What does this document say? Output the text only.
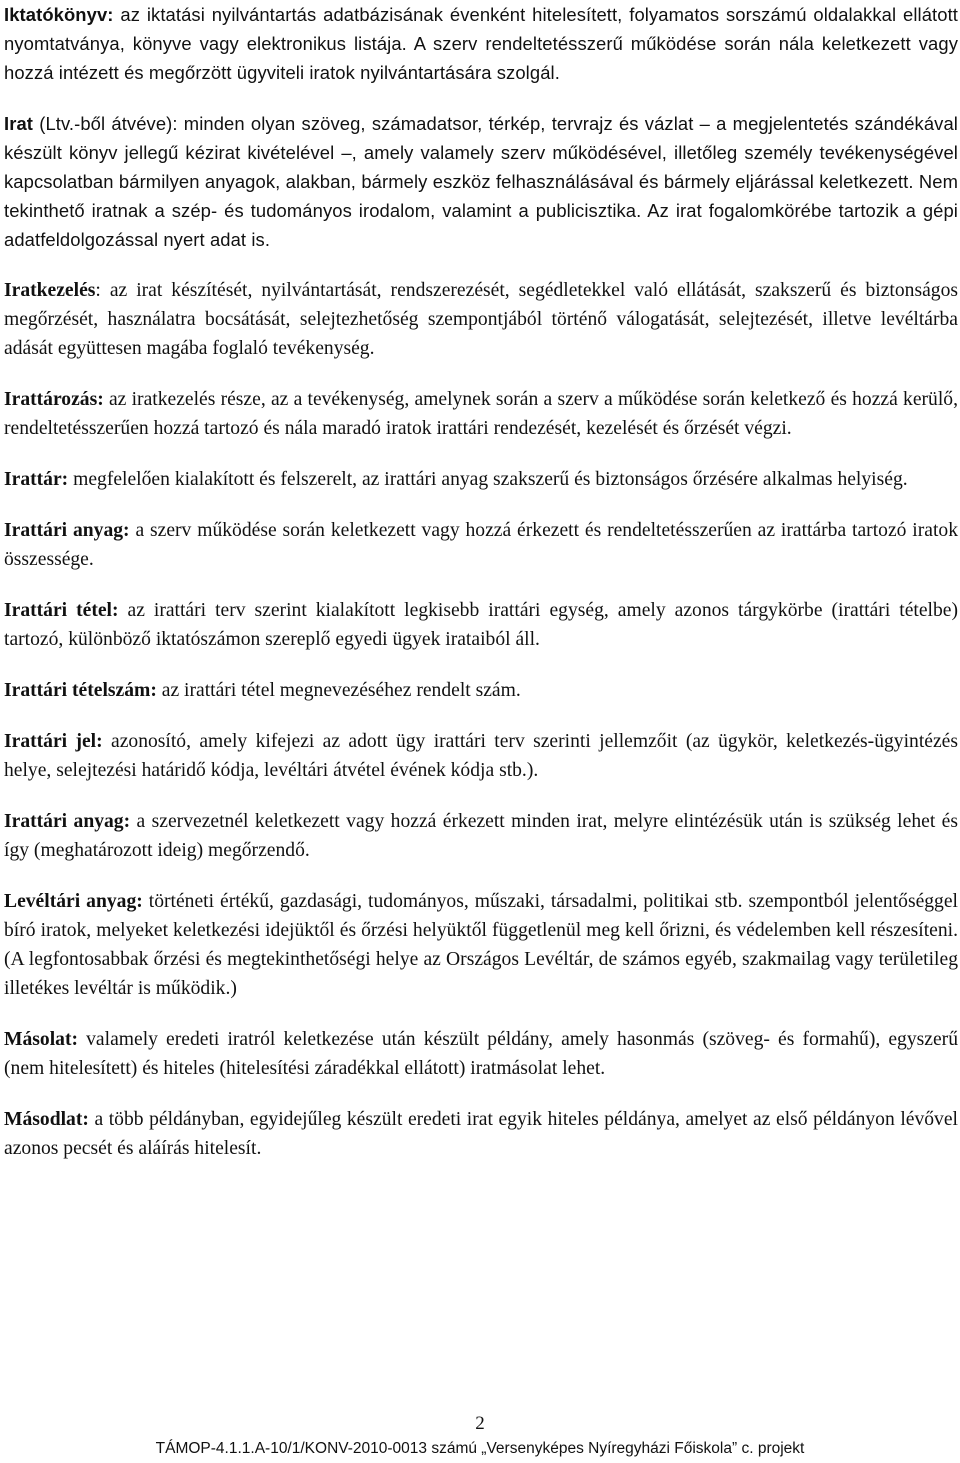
Iktatókönyv: az iktatási nyilvántartás adatbázisának évenként hitelesített, folyamatos sorszámú oldalakkal ellátott nyomtatványa, könyve vagy elektronikus listája. A szerv rendeltetésszerű működése során nála keletkezett vagy hozzá intézett és megőrzött ügyviteli iratok nyilvántartására szolgál.

Irat (Ltv.-ből átvéve): minden olyan szöveg, számadatsor, térkép, tervrajz és vázlat – a megjelentetés szándékával készült könyv jellegű kézirat kivételével –, amely valamely szerv működésével, illetőleg személy tevékenységével kapcsolatban bármilyen anyagok, alakban, bármely eszköz felhasználásával és bármely eljárással keletkezett. Nem tekinthető iratnak a szép- és tudományos irodalom, valamint a publicisztika. Az irat fogalomkörébe tartozik a gépi adatfeldolgozással nyert adat is.

Iratkezelés: az irat készítését, nyilvántartását, rendszerezését, segédletekkel való ellátását, szakszerű és biztonságos megőrzését, használatra bocsátását, selejtezhetőség szempontjából történő válogatását, selejtezését, illetve levéltárba adását együttesen magába foglaló tevékenység.

Irattározás: az iratkezelés része, az a tevékenység, amelynek során a szerv a működése során keletkező és hozzá kerülő, rendeltetésszerűen hozzá tartozó és nála maradó iratok irattári rendezését, kezelését és őrzését végzi.

Irattár: megfelelően kialakított és felszerelt, az irattári anyag szakszerű és biztonságos őrzésére alkalmas helyiség.

Irattári anyag: a szerv működése során keletkezett vagy hozzá érkezett és rendeltetésszerűen az irattárba tartozó iratok összessége.

Irattári tétel: az irattári terv szerint kialakított legkisebb irattári egység, amely azonos tárgykörbe (irattári tételbe) tartozó, különböző iktatószámon szereplő egyedi ügyek irataiból áll.

Irattári tételszám: az irattári tétel megnevezéséhez rendelt szám.

Irattári jel: azonosító, amely kifejezi az adott ügy irattári terv szerinti jellemzőit (az ügykör, keletkezés-ügyintézés helye, selejtezési határidő kódja, levéltári átvétel évének kódja stb.).

Irattári anyag: a szervezetnél keletkezett vagy hozzá érkezett minden irat, melyre elintézésük után is szükség lehet és így (meghatározott ideig) megőrzendő.

Levéltári anyag: történeti értékű, gazdasági, tudományos, műszaki, társadalmi, politikai stb. szempontból jelentőséggel bíró iratok, melyeket keletkezési idejüktől és őrzési helyüktől függetlenül meg kell őrizni, és védelemben kell részesíteni. (A legfontosabbak őrzési és megtekinthetőségi helye az Országos Levéltár, de számos egyéb, szakmailag vagy területileg illetékes levéltár is működik.)

Másolat: valamely eredeti iratról keletkezése után készült példány, amely hasonmás (szöveg- és formahű), egyszerű (nem hitelesített) és hiteles (hitelesítési záradékkal ellátott) iratmásolat lehet.

Másodlat: a több példányban, egyidejűleg készült eredeti irat egyik hiteles példánya, amelyet az első példányon lévővel azonos pecsét és aláírás hitelesít.

2
TÁMOP-4.1.1.A-10/1/KONV-2010-0013 számú „Versenyképes Nyíregyházi Főiskola” c. projekt
